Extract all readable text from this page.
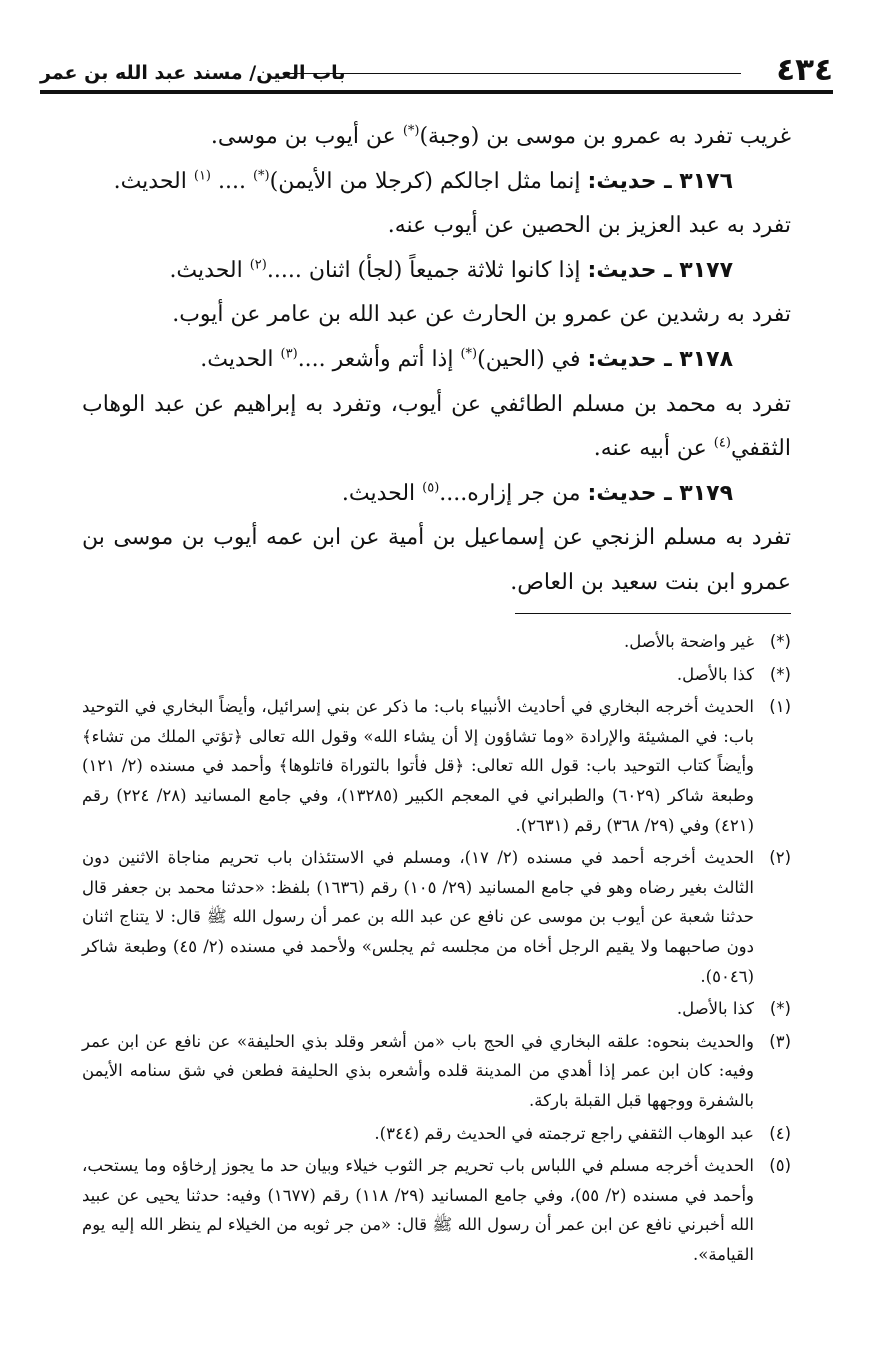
٤٣٤
باب العين/ مسند عبد الله بن عمر

غريب تفرد به عمرو بن موسى بن (وجبة)(*) عن أيوب بن موسى.

٣١٧٦ ـ حديث: إنما مثل اجالكم (كرجلا من الأيمن)(*) .... $^{(١)}$ الحديث.

تفرد به عبد العزيز بن الحصين عن أيوب عنه.

٣١٧٧ ـ حديث: إذا كانوا ثلاثة جميعاً (لجأ) اثنان .....$^{(٢)}$ الحديث.

تفرد به رشدين عن عمرو بن الحارث عن عبد الله بن عامر عن أيوب.

٣١٧٨ ـ حديث: في (الحين)(*) إذا أتم وأشعر ....$^{(٣)}$ الحديث.

تفرد به محمد بن مسلم الطائفي عن أيوب، وتفرد به إبراهيم عن عبد الوهاب الثقفي$^{(٤)}$ عن أبيه عنه.

٣١٧٩ ـ حديث: من جر إزاره....$^{(٥)}$ الحديث.

تفرد به مسلم الزنجي عن إسماعيل بن أمية عن ابن عمه أيوب بن موسى بن عمرو ابن بنت سعيد بن العاص.

(*)
غير واضحة بالأصل.
(*)
كذا بالأصل.
(١)
الحديث أخرجه البخاري في أحاديث الأنبياء باب: ما ذكر عن بني إسرائيل، وأيضاً البخاري في التوحيد باب: في المشيئة والإرادة «وما تشاؤون إلا أن يشاء الله» وقول الله تعالى ﴿تؤتي الملك من تشاء﴾ وأيضاً كتاب التوحيد باب: قول الله تعالى: ﴿قل فأتوا بالتوراة فاتلوها﴾ وأحمد في مسنده (٢/ ١٢١) وطبعة شاكر (٦٠٢٩) والطبراني في المعجم الكبير (١٣٢٨٥)، وفي جامع المسانيد (٢٨/ ٢٢٤) رقم (٤٢١) وفي (٢٩/ ٣٦٨) رقم (٢٦٣١).
(٢)
الحديث أخرجه أحمد في مسنده (٢/ ١٧)، ومسلم في الاستئذان باب تحريم مناجاة الاثنين دون الثالث بغير رضاه وهو في جامع المسانيد (٢٩/ ١٠٥) رقم (١٦٣٦) بلفظ: «حدثنا محمد بن جعفر قال حدثنا شعبة عن أيوب بن موسى عن نافع عن عبد الله بن عمر أن رسول الله ﷺ قال: لا يتناج اثنان دون صاحبهما ولا يقيم الرجل أخاه من مجلسه ثم يجلس» ولأحمد في مسنده (٢/ ٤٥) وطبعة شاكر (٥٠٤٦).
(*)
كذا بالأصل.
(٣)
والحديث بنحوه: علقه البخاري في الحج باب «من أشعر وقلد بذي الحليفة» عن نافع عن ابن عمر وفيه: كان ابن عمر إذا أهدي من المدينة قلده وأشعره بذي الحليفة فطعن في شق سنامه الأيمن بالشفرة ووجهها قبل القبلة باركة.
(٤)
عبد الوهاب الثقفي راجع ترجمته في الحديث رقم (٣٤٤).
(٥)
الحديث أخرجه مسلم في اللباس باب تحريم جر الثوب خيلاء وبيان حد ما يجوز إرخاؤه وما يستحب، وأحمد في مسنده (٢/ ٥٥)، وفي جامع المسانيد (٢٩/ ١١٨) رقم (١٦٧٧) وفيه: حدثنا يحيى عن عبيد الله أخبرني نافع عن ابن عمر أن رسول الله ﷺ قال: «من جر ثوبه من الخيلاء لم ينظر الله إليه يوم القيامة».
